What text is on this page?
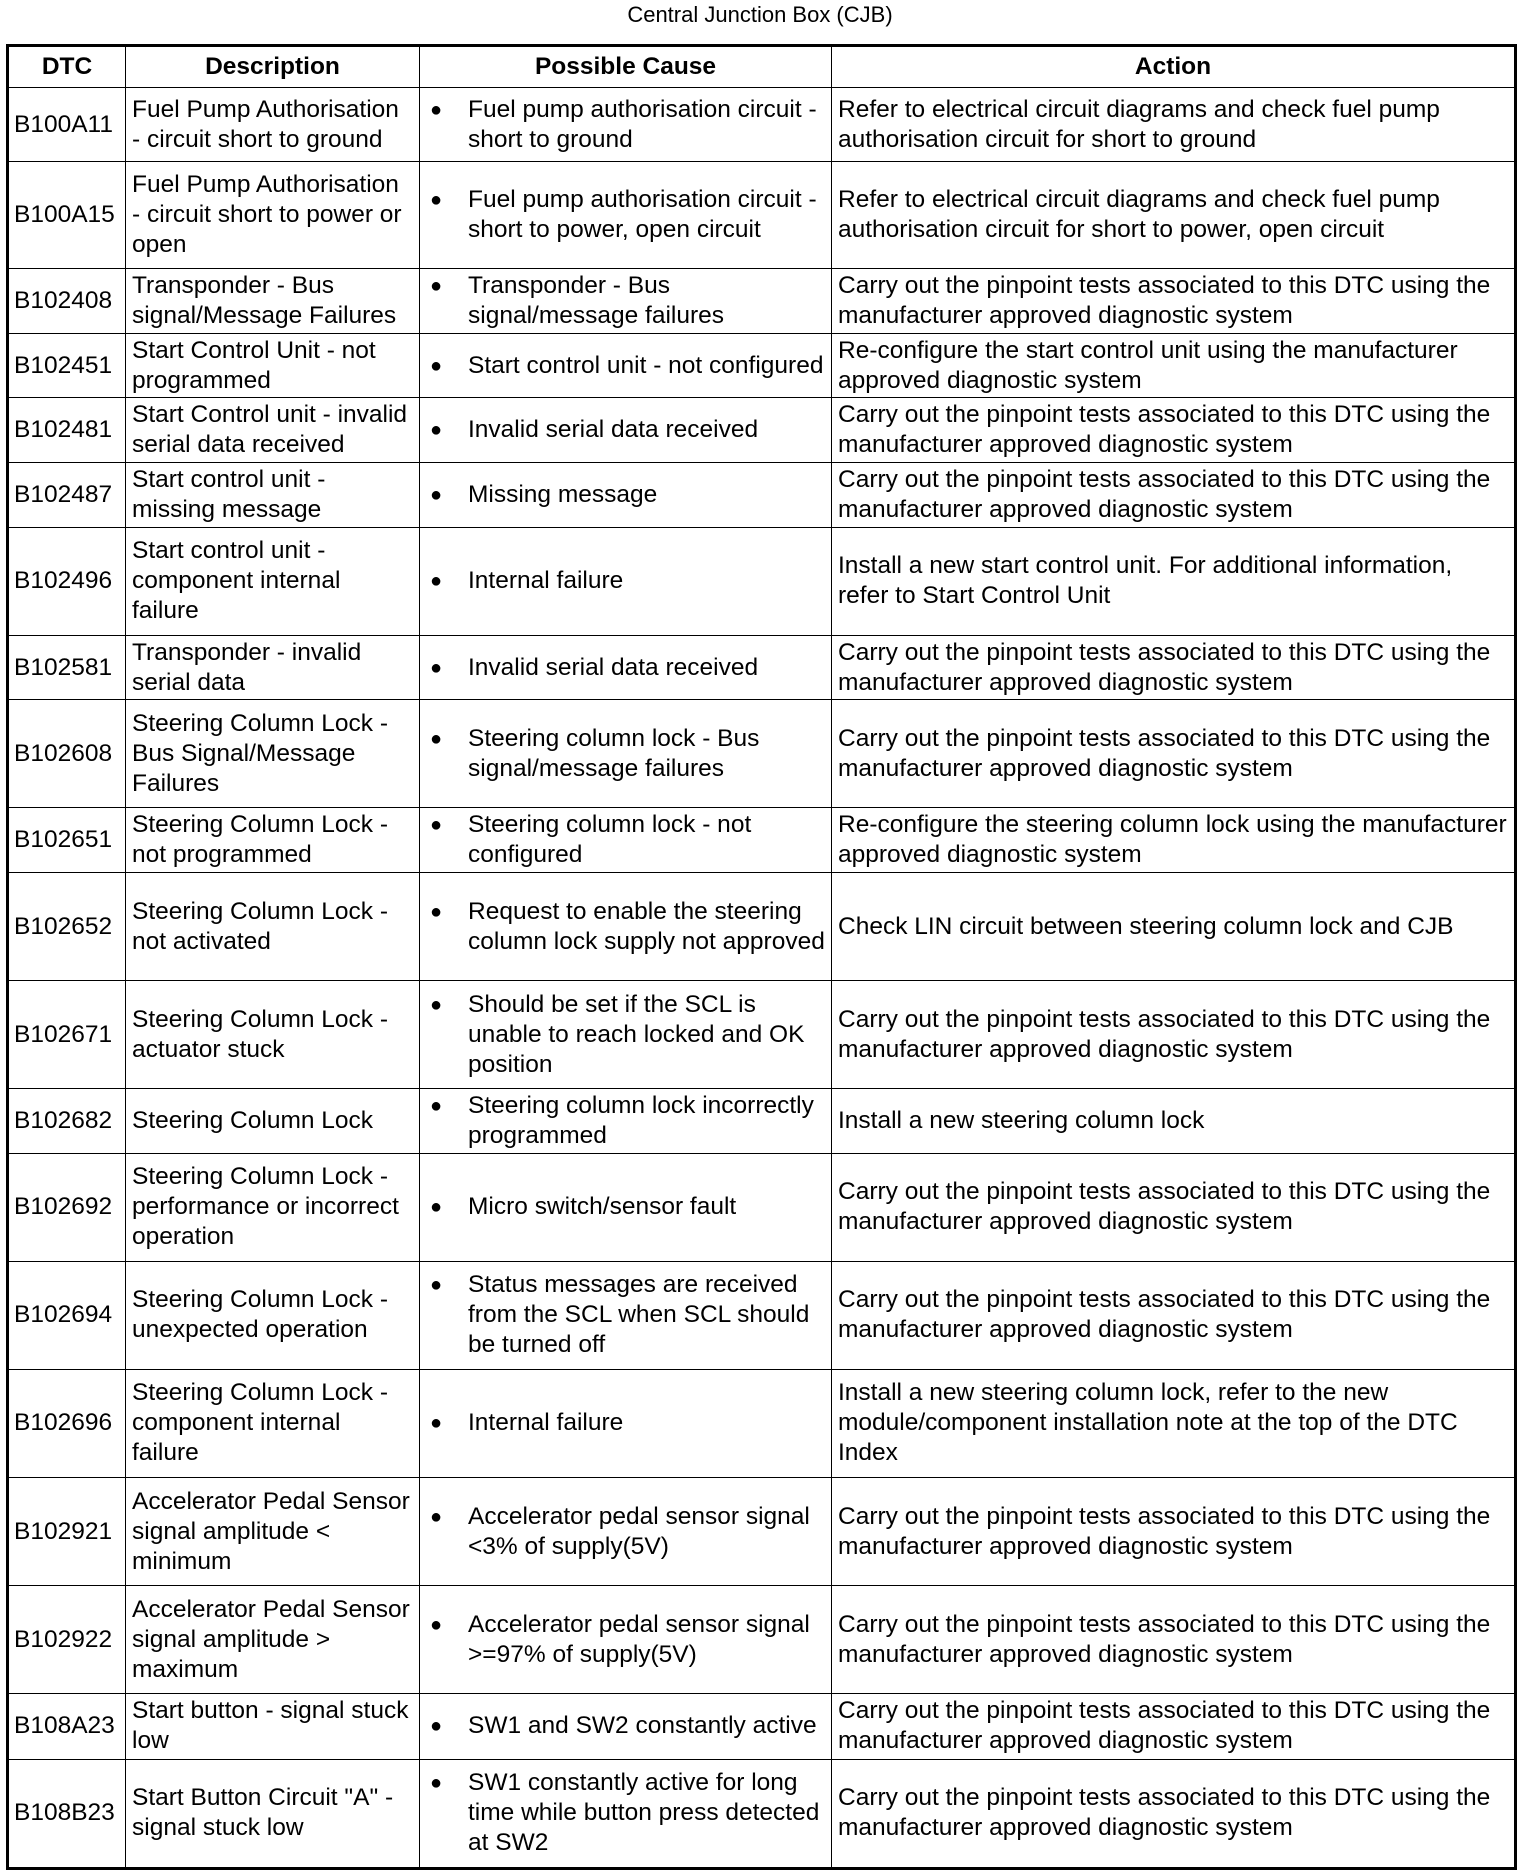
Central Junction Box (CJB)
DTC	Description	Possible Cause	Action
B100A11	Fuel Pump Authorisation - circuit short to ground	● Fuel pump authorisation circuit - short to ground	Refer to electrical circuit diagrams and check fuel pump authorisation circuit for short to ground
B100A15	Fuel Pump Authorisation - circuit short to power or open	● Fuel pump authorisation circuit - short to power, open circuit	Refer to electrical circuit diagrams and check fuel pump authorisation circuit for short to power, open circuit
B102408	Transponder - Bus signal/Message Failures	● Transponder - Bus signal/message failures	Carry out the pinpoint tests associated to this DTC using the manufacturer approved diagnostic system
B102451	Start Control Unit - not programmed	● Start control unit - not configured	Re-configure the start control unit using the manufacturer approved diagnostic system
B102481	Start Control unit - invalid serial data received	● Invalid serial data received	Carry out the pinpoint tests associated to this DTC using the manufacturer approved diagnostic system
B102487	Start control unit - missing message	● Missing message	Carry out the pinpoint tests associated to this DTC using the manufacturer approved diagnostic system
B102496	Start control unit - component internal failure	● Internal failure	Install a new start control unit. For additional information, refer to Start Control Unit
B102581	Transponder - invalid serial data	● Invalid serial data received	Carry out the pinpoint tests associated to this DTC using the manufacturer approved diagnostic system
B102608	Steering Column Lock - Bus Signal/Message Failures	● Steering column lock - Bus signal/message failures	Carry out the pinpoint tests associated to this DTC using the manufacturer approved diagnostic system
B102651	Steering Column Lock - not programmed	● Steering column lock - not configured	Re-configure the steering column lock using the manufacturer approved diagnostic system
B102652	Steering Column Lock - not activated	● Request to enable the steering column lock supply not approved	Check LIN circuit between steering column lock and CJB
B102671	Steering Column Lock - actuator stuck	● Should be set if the SCL is unable to reach locked and OK position	Carry out the pinpoint tests associated to this DTC using the manufacturer approved diagnostic system
B102682	Steering Column Lock	● Steering column lock incorrectly programmed	Install a new steering column lock
B102692	Steering Column Lock - performance or incorrect operation	● Micro switch/sensor fault	Carry out the pinpoint tests associated to this DTC using the manufacturer approved diagnostic system
B102694	Steering Column Lock - unexpected operation	● Status messages are received from the SCL when SCL should be turned off	Carry out the pinpoint tests associated to this DTC using the manufacturer approved diagnostic system
B102696	Steering Column Lock - component internal failure	● Internal failure	Install a new steering column lock, refer to the new module/component installation note at the top of the DTC Index
B102921	Accelerator Pedal Sensor signal amplitude < minimum	● Accelerator pedal sensor signal <3% of supply(5V)	Carry out the pinpoint tests associated to this DTC using the manufacturer approved diagnostic system
B102922	Accelerator Pedal Sensor signal amplitude > maximum	● Accelerator pedal sensor signal >=97% of supply(5V)	Carry out the pinpoint tests associated to this DTC using the manufacturer approved diagnostic system
B108A23	Start button - signal stuck low	● SW1 and SW2 constantly active	Carry out the pinpoint tests associated to this DTC using the manufacturer approved diagnostic system
B108B23	Start Button Circuit "A" - signal stuck low	● SW1 constantly active for long time while button press detected at SW2	Carry out the pinpoint tests associated to this DTC using the manufacturer approved diagnostic system
